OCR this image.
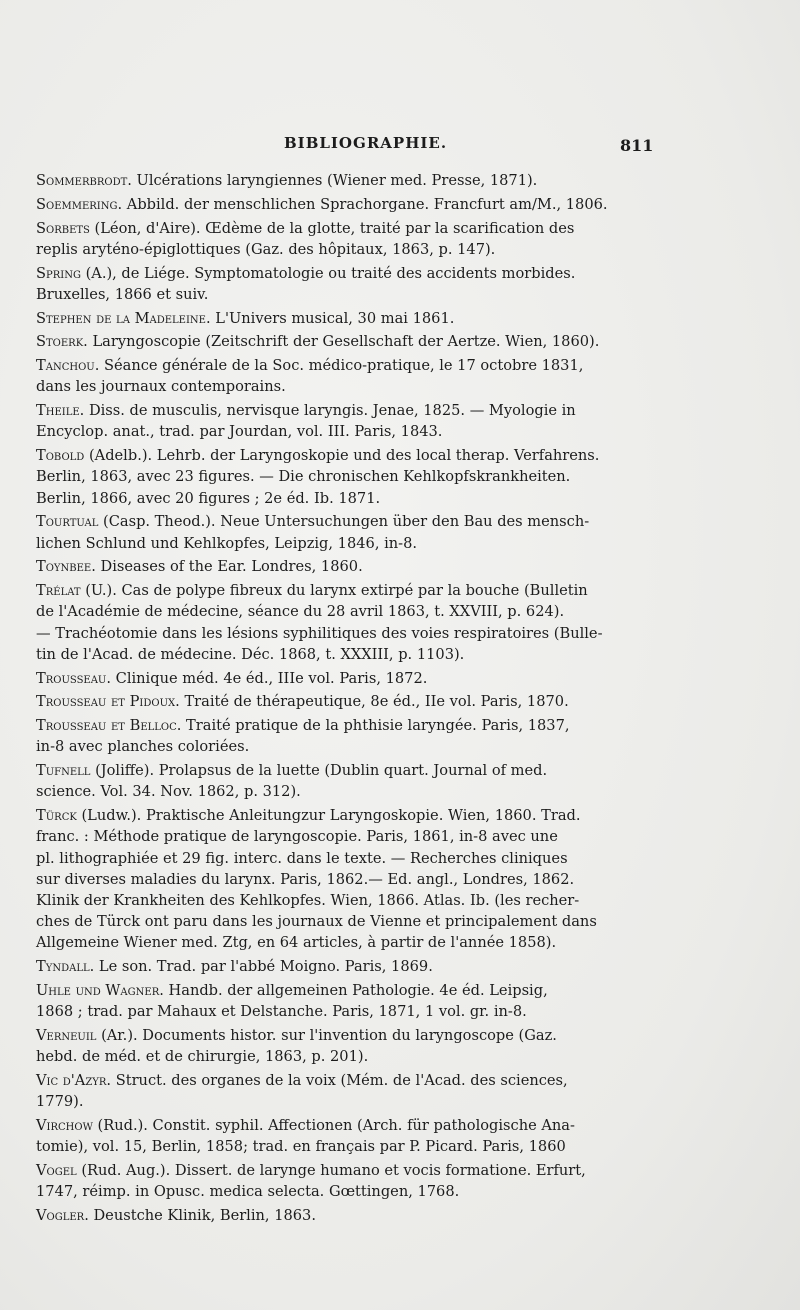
BIBLIOGRAPHIE.	811
Sommerbrodt. Ulcérations laryngiennes (Wiener med. Presse, 1871).
Soemmering. Abbild. der menschlichen Sprachorgane. Francfurt am/M., 1806.
Sorbets (Léon, d'Aire). Œdème de la glotte, traité par la scarification des
replis aryténo-épiglottiques (Gaz. des hôpitaux, 1863, p. 147).
Spring (A.), de Liége. Symptomatologie ou traité des accidents morbides.
Bruxelles, 1866 et suiv.
Stephen de la Madeleine. L'Univers musical, 30 mai 1861.
Stoerk. Laryngoscopie (Zeitschrift der Gesellschaft der Aertze. Wien, 1860).
Tanchou. Séance générale de la Soc. médico-pratique, le 17 octobre 1831,
dans les journaux contemporains.
Theile. Diss. de musculis, nervisque laryngis. Jenae, 1825. — Myologie in
Encyclop. anat., trad. par Jourdan, vol. III. Paris, 1843.
Tobold (Adelb.). Lehrb. der Laryngoskopie und des local therap. Verfahrens.
Berlin, 1863, avec 23 figures. — Die chronischen Kehlkopfskrankheiten.
Berlin, 1866, avec 20 figures ; 2e éd. Ib. 1871.
Tourtual (Casp. Theod.). Neue Untersuchungen über den Bau des mensch-
lichen Schlund und Kehlkopfes, Leipzig, 1846, in-8.
Toynbee. Diseases of the Ear. Londres, 1860.
Trélat (U.). Cas de polype fibreux du larynx extirpé par la bouche (Bulletin
de l'Académie de médecine, séance du 28 avril 1863, t. XXVIII, p. 624).
— Trachéotomie dans les lésions syphilitiques des voies respiratoires (Bulle-
tin de l'Acad. de médecine. Déc. 1868, t. XXXIII, p. 1103).
Trousseau. Clinique méd. 4e éd., IIIe vol. Paris, 1872.
Trousseau et Pidoux. Traité de thérapeutique, 8e éd., IIe vol. Paris, 1870.
Trousseau et Belloc. Traité pratique de la phthisie laryngée. Paris, 1837,
in-8 avec planches coloriées.
Tufnell (Joliffe). Prolapsus de la luette (Dublin quart. Journal of med.
science. Vol. 34. Nov. 1862, p. 312).
Türck (Ludw.). Praktische Anleitungzur Laryngoskopie. Wien, 1860. Trad.
franc. : Méthode pratique de laryngoscopie. Paris, 1861, in-8 avec une
pl. lithographiée et 29 fig. interc. dans le texte. — Recherches cliniques
sur diverses maladies du larynx. Paris, 1862.— Ed. angl., Londres, 1862.
Klinik der Krankheiten des Kehlkopfes. Wien, 1866. Atlas. Ib. (les recher-
ches de Türck ont paru dans les journaux de Vienne et principalement dans
Allgemeine Wiener med. Ztg, en 64 articles, à partir de l'année 1858).
Tyndall. Le son. Trad. par l'abbé Moigno. Paris, 1869.
Uhle und Wagner. Handb. der allgemeinen Pathologie. 4e éd. Leipsig,
1868 ; trad. par Mahaux et Delstanche. Paris, 1871, 1 vol. gr. in-8.
Verneuil (Ar.). Documents histor. sur l'invention du laryngoscope (Gaz.
hebd. de méd. et de chirurgie, 1863, p. 201).
Vic d'Azyr. Struct. des organes de la voix (Mém. de l'Acad. des sciences,
1779).
Virchow (Rud.). Constit. syphil. Affectionen (Arch. für pathologische Ana-
tomie), vol. 15, Berlin, 1858; trad. en français par P. Picard. Paris, 1860
Vogel (Rud. Aug.). Dissert. de larynge humano et vocis formatione. Erfurt,
1747, réimp. in Opusc. medica selecta. Gœttingen, 1768.
Vogler. Deustche Klinik, Berlin, 1863.
